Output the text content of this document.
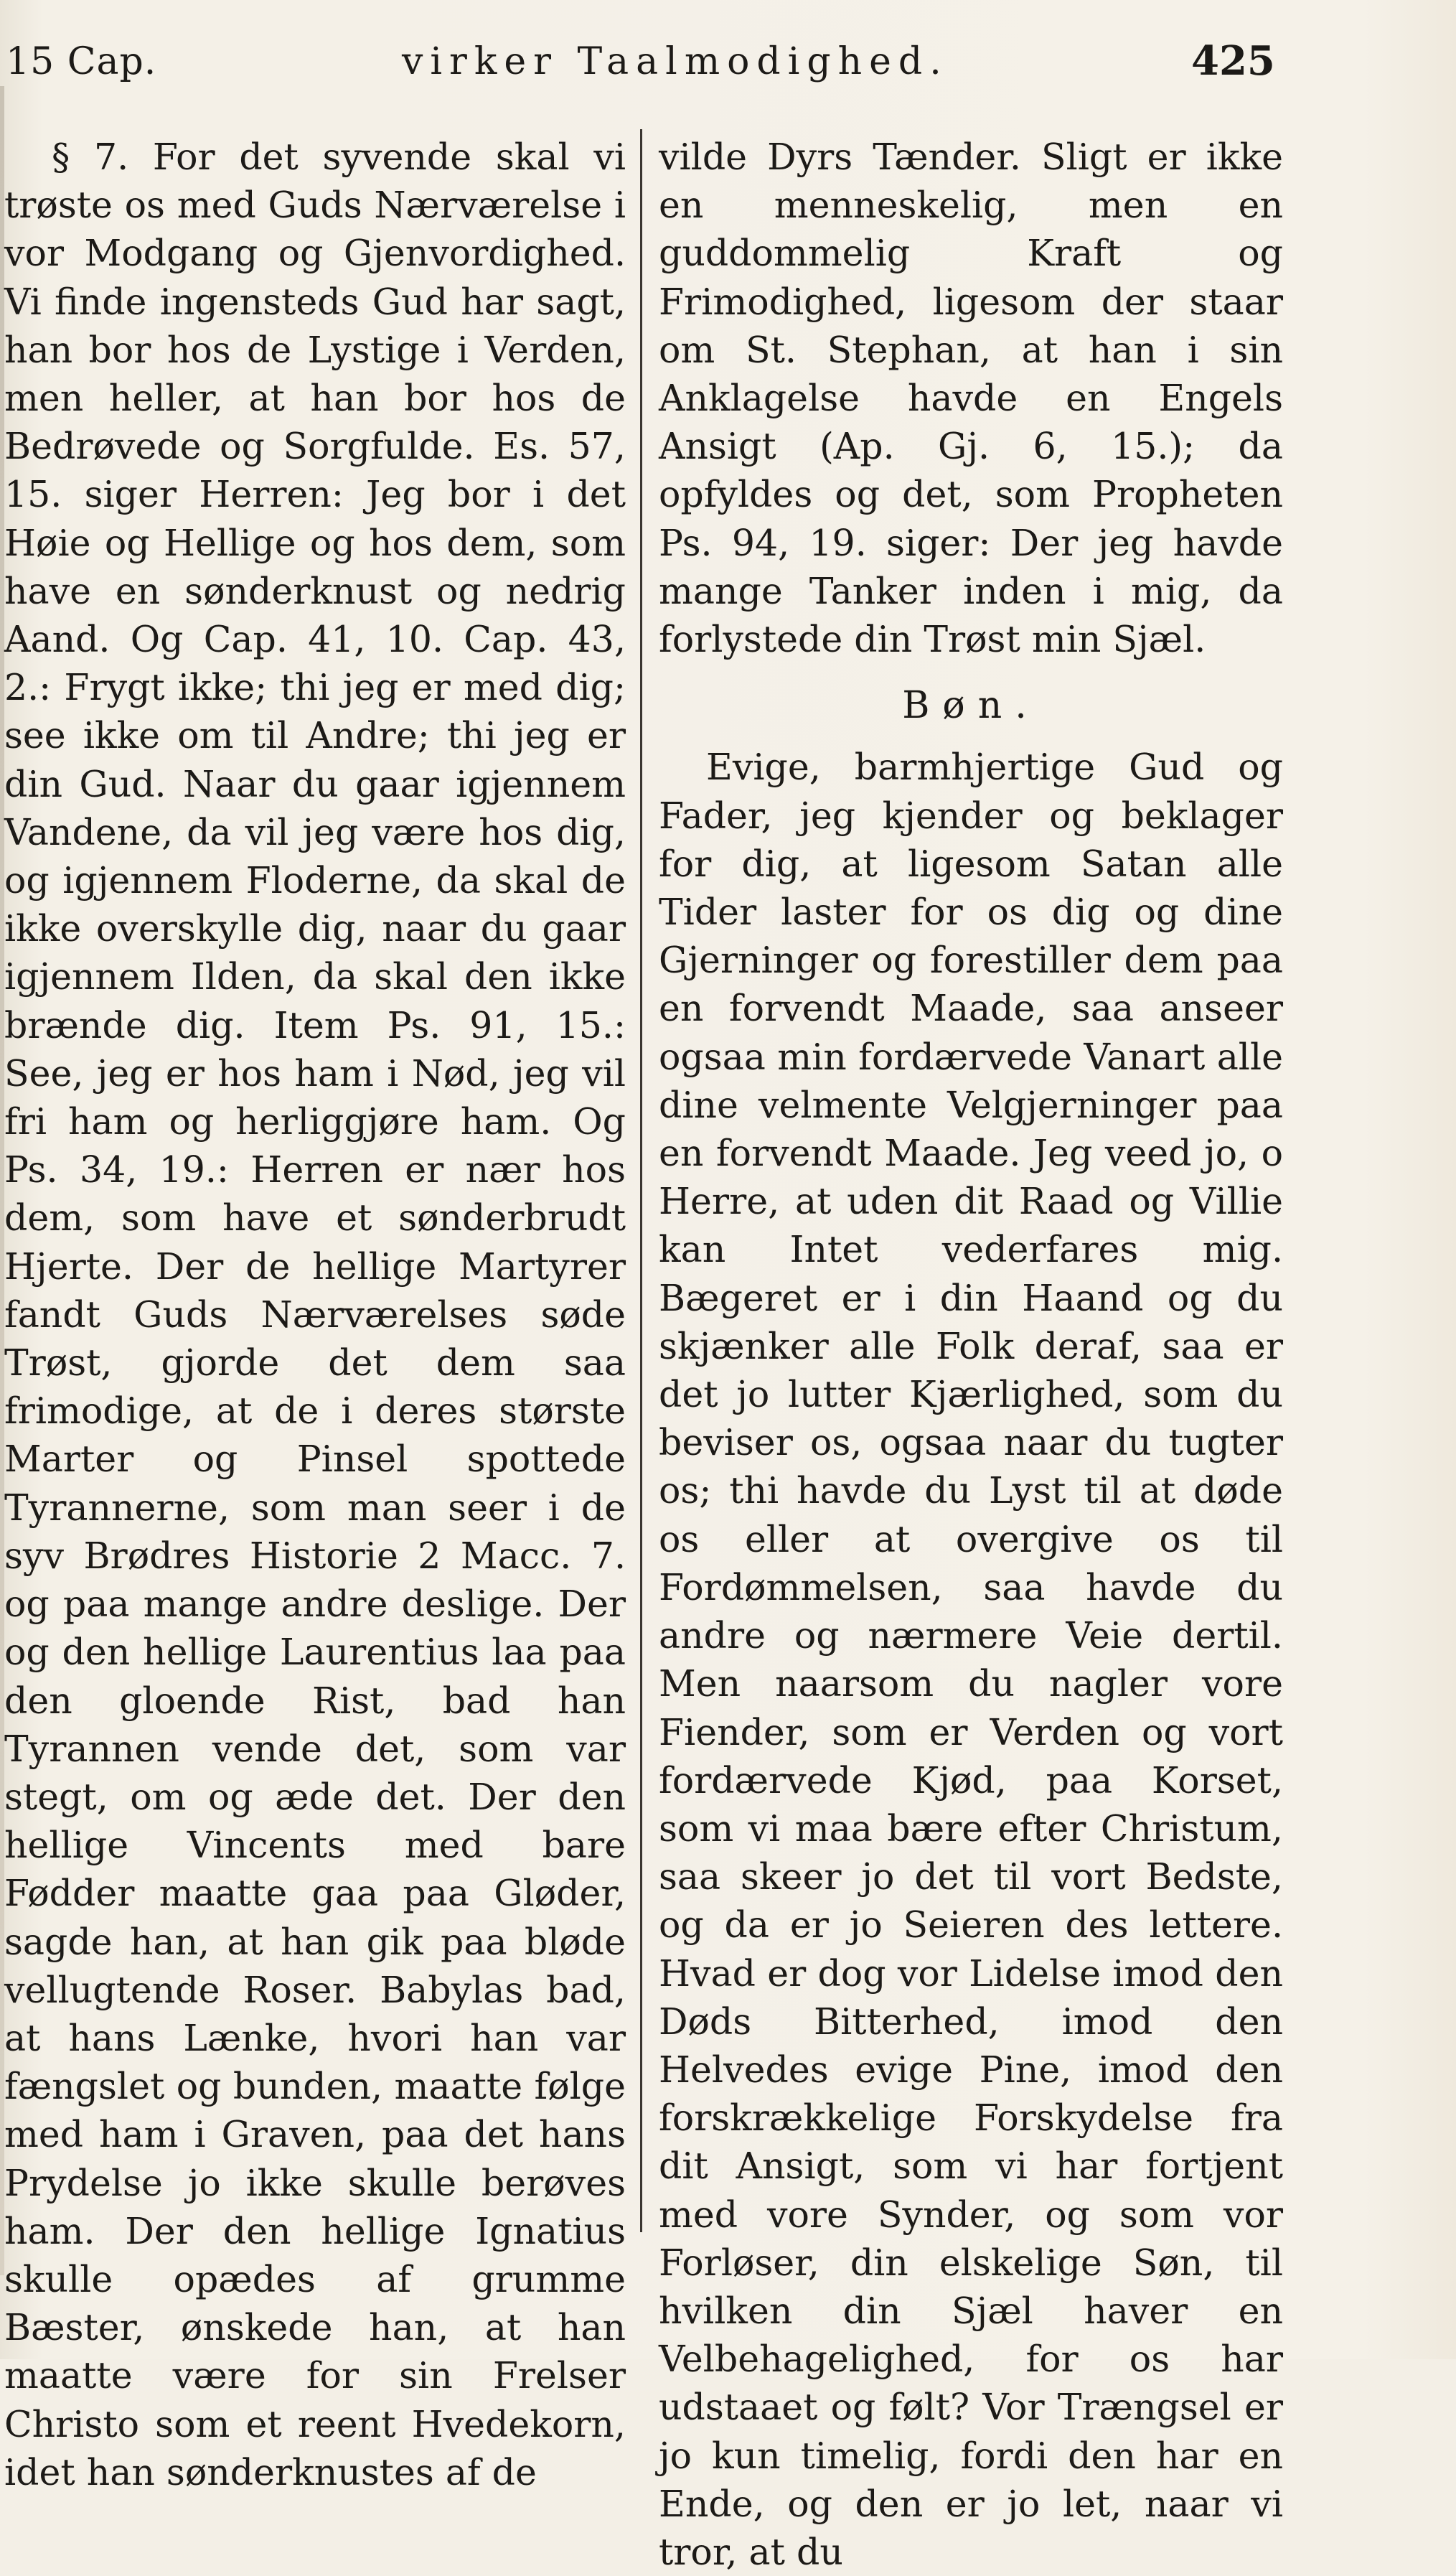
15 Cap.	virker Taalmodighed.	425

§ 7. For det syvende skal vi trøste os med Guds Nærværelse i vor Modgang og Gjenvordighed. Vi finde ingensteds Gud har sagt, han bor hos de Lystige i Verden, men heller, at han bor hos de Bedrøvede og Sorgfulde. Es. 57, 15. siger Herren: Jeg bor i det Høie og Hellige og hos dem, som have en sønderknust og nedrig Aand. Og Cap. 41, 10. Cap. 43, 2.: Frygt ikke; thi jeg er med dig; see ikke om til Andre; thi jeg er din Gud. Naar du gaar igjennem Vandene, da vil jeg være hos dig, og igjennem Floderne, da skal de ikke overskylle dig, naar du gaar igjennem Ilden, da skal den ikke brænde dig. Item Ps. 91, 15.: See, jeg er hos ham i Nød, jeg vil fri ham og herliggjøre ham. Og Ps. 34, 19.: Herren er nær hos dem, som have et sønderbrudt Hjerte. Der de hellige Martyrer fandt Guds Nærværelses søde Trøst, gjorde det dem saa frimodige, at de i deres største Marter og Pinsel spottede Tyrannerne, som man seer i de syv Brødres Historie 2 Macc. 7. og paa mange andre deslige. Der og den hellige Laurentius laa paa den gloende Rist, bad han Tyrannen vende det, som var stegt, om og æde det. Der den hellige Vincents med bare Fødder maatte gaa paa Gløder, sagde han, at han gik paa bløde vellugtende Roser. Babylas bad, at hans Lænke, hvori han var fængslet og bunden, maatte følge med ham i Graven, paa det hans Prydelse jo ikke skulle berøves ham. Der den hellige Ignatius skulle opædes af grumme Bæster, ønskede han, at han maatte være for sin Frelser Christo som et reent Hvedekorn, idet han sønderknustes af de

vilde Dyrs Tænder. Sligt er ikke en menneskelig, men en guddommelig Kraft og Frimodighed, ligesom der staar om St. Stephan, at han i sin Anklagelse havde en Engels Ansigt (Ap. Gj. 6, 15.); da opfyldes og det, som Propheten Ps. 94, 19. siger: Der jeg havde mange Tanker inden i mig, da forlystede din Trøst min Sjæl.

Bøn.

Evige, barmhjertige Gud og Fader, jeg kjender og beklager for dig, at ligesom Satan alle Tider laster for os dig og dine Gjerninger og forestiller dem paa en forvendt Maade, saa anseer ogsaa min fordærvede Vanart alle dine velmente Velgjerninger paa en forvendt Maade. Jeg veed jo, o Herre, at uden dit Raad og Villie kan Intet vederfares mig. Bægeret er i din Haand og du skjænker alle Folk deraf, saa er det jo lutter Kjærlighed, som du beviser os, ogsaa naar du tugter os; thi havde du Lyst til at døde os eller at overgive os til Fordømmelsen, saa havde du andre og nærmere Veie dertil. Men naarsom du nagler vore Fiender, som er Verden og vort fordærvede Kjød, paa Korset, som vi maa bære efter Christum, saa skeer jo det til vort Bedste, og da er jo Seieren des lettere. Hvad er dog vor Lidelse imod den Døds Bitterhed, imod den Helvedes evige Pine, imod den forskrækkelige Forskydelse fra dit Ansigt, som vi har fortjent med vore Synder, og som vor Forløser, din elskelige Søn, til hvilken din Sjæl haver en Velbehagelighed, for os har udstaaet og følt? Vor Trængsel er jo kun timelig, fordi den har en Ende, og den er jo let, naar vi tror, at du
